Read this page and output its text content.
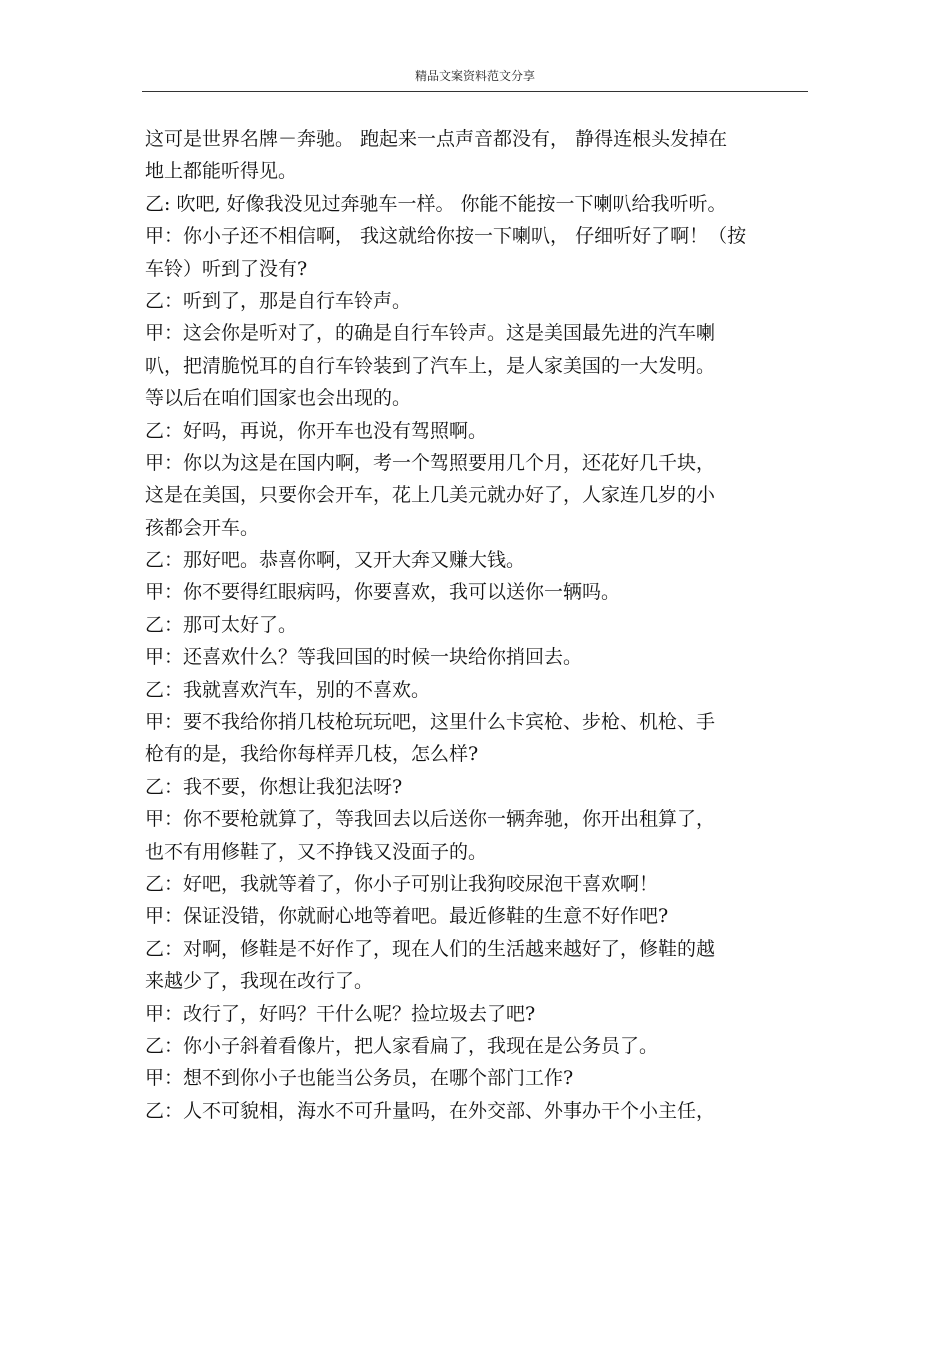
精品文案资料范文分享
这可是世界名牌－奔驰。 跑起来一点声音都没有， 静得连根头发掉在
地上都能听得见。
乙: 吹吧, 好像我没见过奔驰车一样。 你能不能按一下喇叭给我听听。
甲：你小子还不相信啊， 我这就给你按一下喇叭， 仔细听好了啊！（按
车铃）听到了没有?
乙：听到了，那是自行车铃声。
甲：这会你是听对了，的确是自行车铃声。这是美国最先进的汽车喇
叭，把清脆悦耳的自行车铃装到了汽车上，是人家美国的一大发明。
等以后在咱们国家也会出现的。
乙：好吗，再说，你开车也没有驾照啊。
甲：你以为这是在国内啊，考一个驾照要用几个月，还花好几千块，
这是在美国，只要你会开车，花上几美元就办好了，人家连几岁的小
孩都会开车。
乙：那好吧。恭喜你啊，又开大奔又赚大钱。
甲：你不要得红眼病吗，你要喜欢，我可以送你一辆吗。
乙：那可太好了。
甲：还喜欢什么？等我回国的时候一块给你捎回去。
乙：我就喜欢汽车，别的不喜欢。
甲：要不我给你捎几枝枪玩玩吧，这里什么卡宾枪、步枪、机枪、手
枪有的是，我给你每样弄几枝，怎么样?
乙：我不要，你想让我犯法呀?
甲：你不要枪就算了，等我回去以后送你一辆奔驰，你开出租算了，
也不有用修鞋了，又不挣钱又没面子的。
乙：好吧，我就等着了，你小子可别让我狗咬尿泡干喜欢啊！
甲：保证没错，你就耐心地等着吧。最近修鞋的生意不好作吧?
乙：对啊，修鞋是不好作了，现在人们的生活越来越好了，修鞋的越
来越少了，我现在改行了。
甲：改行了，好吗？干什么呢？捡垃圾去了吧?
乙：你小子斜着看像片，把人家看扁了，我现在是公务员了。
甲：想不到你小子也能当公务员，在哪个部门工作?
乙：人不可貌相，海水不可升量吗，在外交部、外事办干个小主任，
